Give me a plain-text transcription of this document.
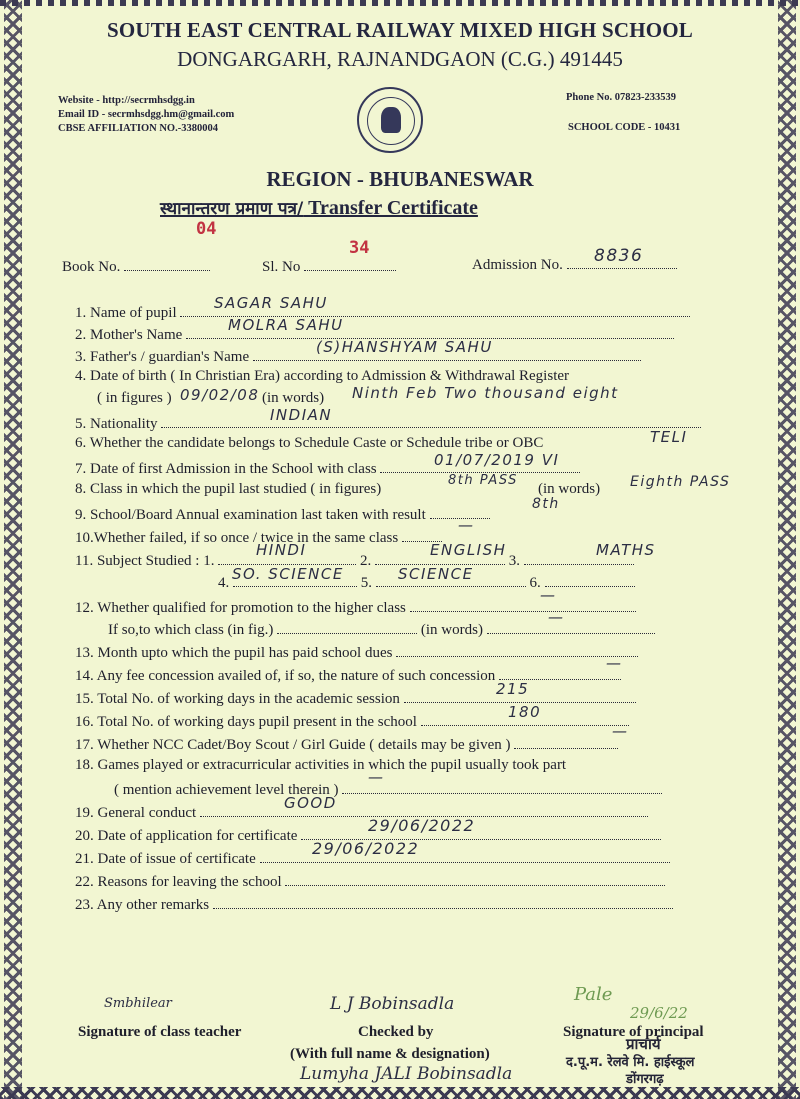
SOUTH EAST CENTRAL RAILWAY MIXED HIGH SCHOOL
DONGARGARH, RAJNANDGAON (C.G.) 491445
Website - http://secrmhsdgg.in
Email ID - secrmhsdgg.hm@gmail.com
CBSE AFFILIATION NO.-3380004
Phone No. 07823-233539
SCHOOL CODE - 10431
REGION - BHUBANESWAR
स्थानान्तरण प्रमाण पत्र/ Transfer Certificate
Book No.
04
Sl. No
34
Admission No.	8836
1. Name of pupil
SAGAR SAHU
2. Mother's Name
MOLRA SAHU
3. Father's / guardian's Name
(S)HANSHYAM SAHU
4. Date of birth ( In Christian Era) according to Admission & Withdrawal Register
( in figures ) 09/02/08 (in words) Ninth Feb Two thousand eight
5. Nationality	INDIAN
6. Whether the candidate belongs to Schedule Caste or Schedule tribe or OBC	TELI
7. Date of first Admission in the School with class	01/07/2019 VI
8. Class in which the pupil last studied ( in figures)
8th PASS
(in words) Eighth PASS
9. School/Board Annual examination last taken with result
8th
10.Whether failed, if so once / twice in the same class
—
11. Subject Studied : 1.	2.	3.
HINDI	ENGLISH	MATHS
4.	5.	6.
SO. SCIENCE	SCIENCE
12. Whether qualified for promotion to the higher class
—
If so,to which class (in fig.)	(in words)
—
13. Month upto which the pupil has paid school dues
14. Any fee concession availed of, if so, the nature of such concession
—
15. Total No. of working days in the academic session
215
16. Total No. of working days pupil present in the school
180
17. Whether NCC Cadet/Boy Scout / Girl Guide ( details may be given )
—
18. Games played or extracurricular activities in which the pupil usually took part
( mention achievement level therein )
—
19. General conduct
GOOD
20. Date of application for certificate
29/06/2022
21. Date of issue of certificate
29/06/2022
22. Reasons for leaving the school
23. Any other remarks
Smbhilear
Signature of class teacher
L J Bobinsadla
Checked by
(With full name & designation)
Lumyha JALI Bobinsadla
Pale
29/6/22
Signature of principal
प्राचार्य
द.पू.म. रेलवे मि. हाईस्कूल
डोंगरगढ़
